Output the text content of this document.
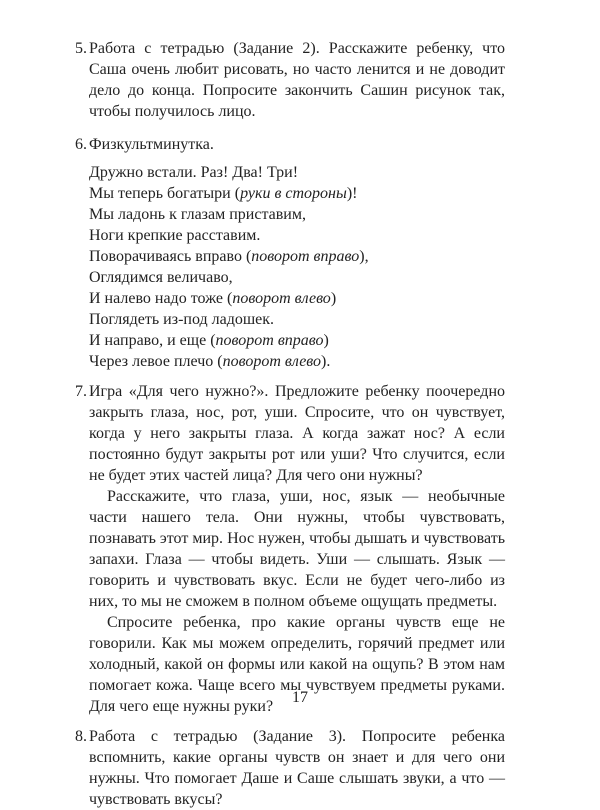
5. Работа с тетрадью (Задание 2). Расскажите ребенку, что Саша очень любит рисовать, но часто ленится и не доводит дело до конца. Попросите закончить Сашин рисунок так, чтобы получилось лицо.

6. Физкультминутка.

Дружно встали. Раз! Два! Три!
Мы теперь богатыри (руки в стороны)!
Мы ладонь к глазам приставим,
Ноги крепкие расставим.
Поворачиваясь вправо (поворот вправо),
Оглядимся величаво,
И налево надо тоже (поворот влево)
Поглядеть из-под ладошек.
И направо, и еще (поворот вправо)
Через левое плечо (поворот влево).
7. Игра «Для чего нужно?». Предложите ребенку поочередно закрыть глаза, нос, рот, уши. Спросите, что он чувствует, когда у него закрыты глаза. А когда зажат нос? А если постоянно будут закрыты рот или уши? Что случится, если не будет этих частей лица? Для чего они нужны?

Расскажите, что глаза, уши, нос, язык — необычные части нашего тела. Они нужны, чтобы чувствовать, познавать этот мир. Нос нужен, чтобы дышать и чувствовать запахи. Глаза — чтобы видеть. Уши — слышать. Язык — говорить и чувствовать вкус. Если не будет чего-либо из них, то мы не сможем в полном объеме ощущать предметы.

Спросите ребенка, про какие органы чувств еще не говорили. Как мы можем определить, горячий предмет или холодный, какой он формы или какой на ощупь? В этом нам помогает кожа. Чаще всего мы чувствуем предметы руками. Для чего еще нужны руки?

8. Работа с тетрадью (Задание 3). Попросите ребенка вспомнить, какие органы чувств он знает и для чего они нужны. Что помогает Даше и Саше слышать звуки, а что — чувствовать вкусы?

17
